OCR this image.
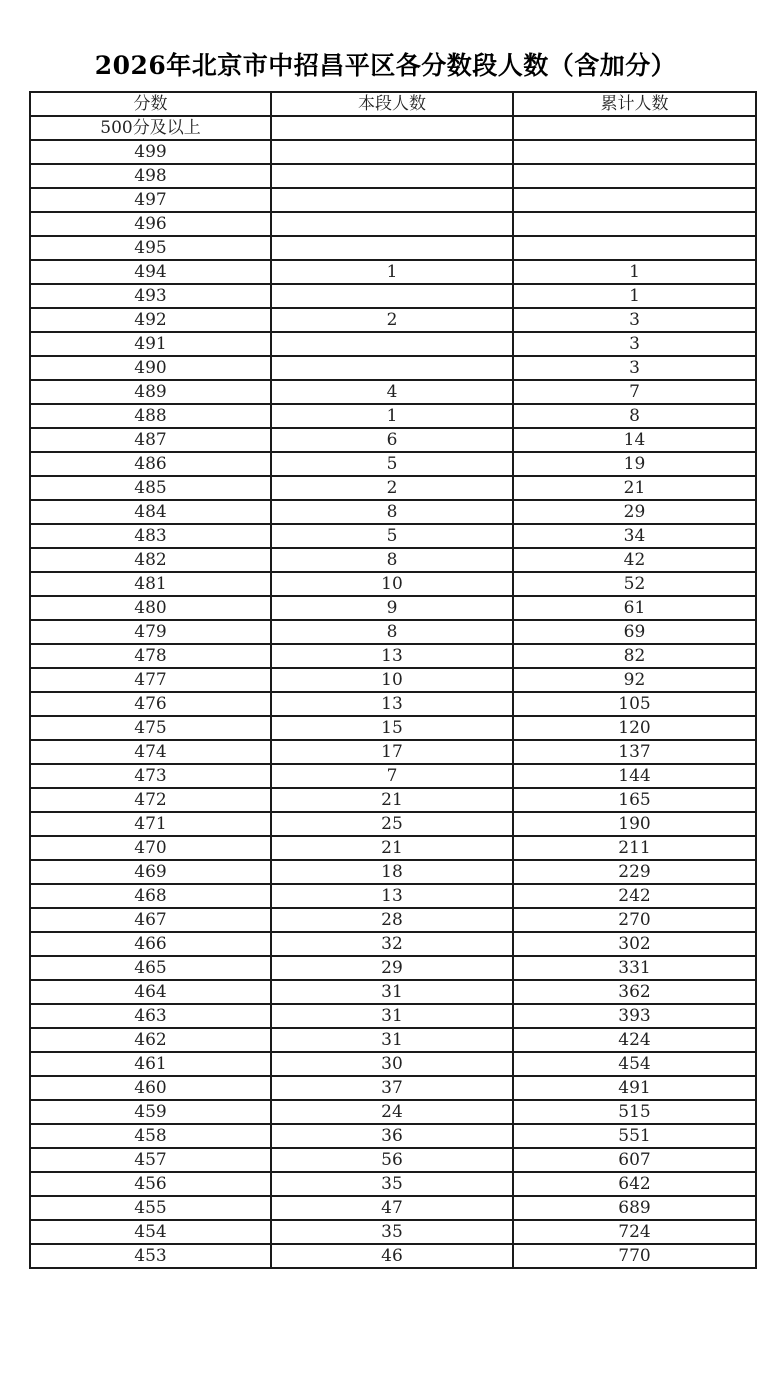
2026年北京市中招昌平区各分数段人数（含加分）
分数	本段人数	累计人数
500分及以上		
499		
498		
497		
496		
495		
494	1	1
493		1
492	2	3
491		3
490		3
489	4	7
488	1	8
487	6	14
486	5	19
485	2	21
484	8	29
483	5	34
482	8	42
481	10	52
480	9	61
479	8	69
478	13	82
477	10	92
476	13	105
475	15	120
474	17	137
473	7	144
472	21	165
471	25	190
470	21	211
469	18	229
468	13	242
467	28	270
466	32	302
465	29	331
464	31	362
463	31	393
462	31	424
461	30	454
460	37	491
459	24	515
458	36	551
457	56	607
456	35	642
455	47	689
454	35	724
453	46	770
